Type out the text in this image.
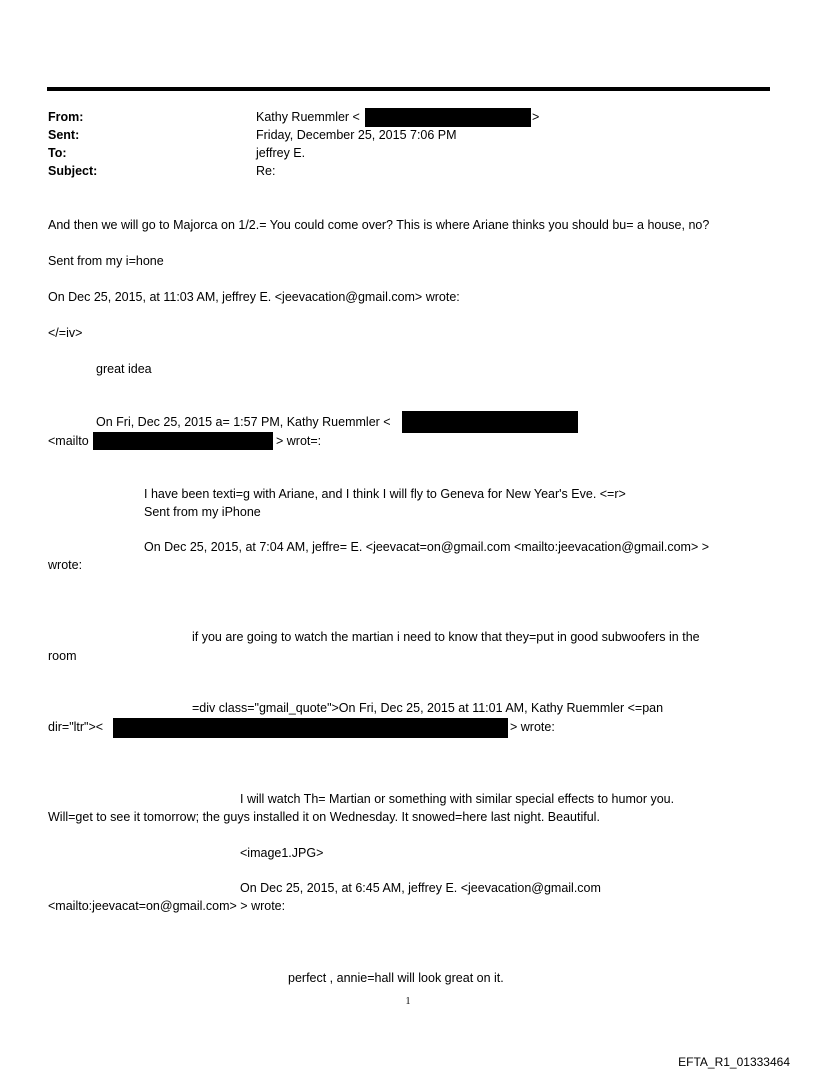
From:	Kathy Ruemmler <	>
Sent:	Friday, December 25, 2015 7:06 PM
To:	jeffrey E.
Subject:	Re:
And then we will go to Majorca on 1/2.= You could come over? This is where Ariane thinks you should bu= a house, no?
Sent from my i=hone
On Dec 25, 2015, at 11:03 AM, jeffrey E. <jeevacation@gmail.com> wrote:
</=iv>
great idea
On Fri, Dec 25, 2015 a= 1:57 PM, Kathy Ruemmler <
<mailto	> wrot=:
I have been texti=g with Ariane, and I think I will fly to Geneva for New Year's Eve. <=r>
Sent from my iPhone
On Dec 25, 2015, at 7:04 AM, jeffre= E. <jeevacat=on@gmail.com <mailto:jeevacation@gmail.com> >
wrote:
if you are going to watch the martian i need to know that they=put in good subwoofers in the
room
=div class="gmail_quote">On Fri, Dec 25, 2015 at 11:01 AM, Kathy Ruemmler <=pan
dir="ltr"><	> wrote:
I will watch Th= Martian or something with similar special effects to humor you.
Will=get to see it tomorrow; the guys installed it on Wednesday. It snowed=here last night. Beautiful.
<image1.JPG>
On Dec 25, 2015, at 6:45 AM, jeffrey E. <jeevacation@gmail.com
<mailto:jeevacat=on@gmail.com> > wrote:
perfect , annie=hall will look great on it.
1
EFTA_R1_01333464
